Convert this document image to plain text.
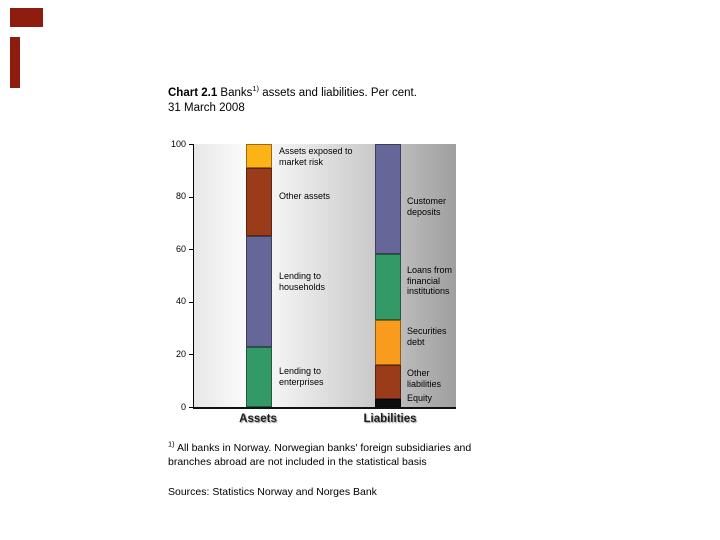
Chart 2.1 Banks$^{1)}$ assets and liabilities. Per cent.
31 March 2008
0
20
40
60
80
100
Assets exposed to market risk
Other assets	Customer deposits
Lending to households
Loans from financial institutions
Securities debt
Lending to enterprises
Other liabilities
Equity
Assets	Liabilities
$^{1)}$ All banks in Norway. Norwegian banks' foreign subsidiaries and branches abroad are not included in the statistical basis
Sources: Statistics Norway and Norges Bank
